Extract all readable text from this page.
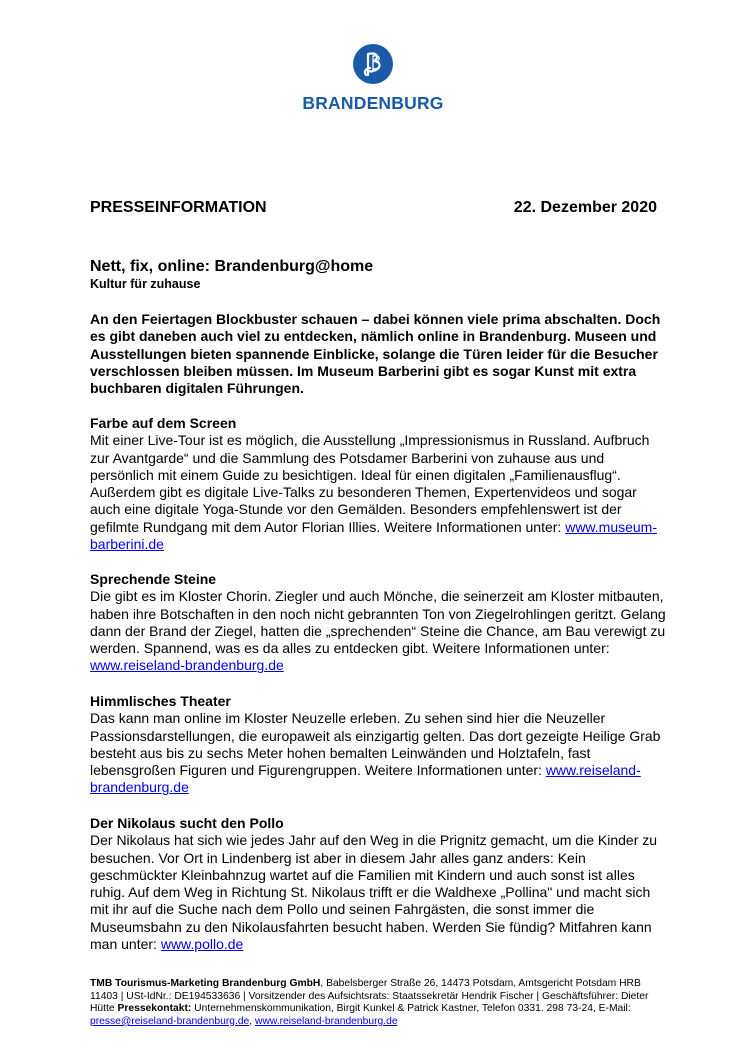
BRANDENBURG
PRESSEINFORMATION	22. Dezember 2020
Nett, fix, online: Brandenburg@home
Kultur für zuhause
An den Feiertagen Blockbuster schauen – dabei können viele prima abschalten. Doch es gibt daneben auch viel zu entdecken, nämlich online in Brandenburg. Museen und Ausstellungen bieten spannende Einblicke, solange die Türen leider für die Besucher verschlossen bleiben müssen. Im Museum Barberini gibt es sogar Kunst mit extra buchbaren digitalen Führungen.
Farbe auf dem Screen

Mit einer Live-Tour ist es möglich, die Ausstellung „Impressionismus in Russland. Aufbruch zur Avantgarde“ und die Sammlung des Potsdamer Barberini von zuhause aus und persönlich mit einem Guide zu besichtigen. Ideal für einen digitalen „Familienausflug“. Außerdem gibt es digitale Live-Talks zu besonderen Themen, Expertenvideos und sogar auch eine digitale Yoga-Stunde vor den Gemälden. Besonders empfehlenswert ist der gefilmte Rundgang mit dem Autor Florian Illies. Weitere Informationen unter: www.museum-barberini.de

Sprechende Steine

Die gibt es im Kloster Chorin. Ziegler und auch Mönche, die seinerzeit am Kloster mitbauten, haben ihre Botschaften in den noch nicht gebrannten Ton von Ziegelrohlingen geritzt. Gelang dann der Brand der Ziegel, hatten die „sprechenden“ Steine die Chance, am Bau verewigt zu werden. Spannend, was es da alles zu entdecken gibt. Weitere Informationen unter: www.reiseland-brandenburg.de

Himmlisches Theater

Das kann man online im Kloster Neuzelle erleben. Zu sehen sind hier die Neuzeller Passionsdarstellungen, die europaweit als einzigartig gelten. Das dort gezeigte Heilige Grab besteht aus bis zu sechs Meter hohen bemalten Leinwänden und Holztafeln, fast lebensgroßen Figuren und Figurengruppen. Weitere Informationen unter: www.reiseland-brandenburg.de

Der Nikolaus sucht den Pollo

Der Nikolaus hat sich wie jedes Jahr auf den Weg in die Prignitz gemacht, um die Kinder zu besuchen. Vor Ort in Lindenberg ist aber in diesem Jahr alles ganz anders: Kein geschmückter Kleinbahnzug wartet auf die Familien mit Kindern und auch sonst ist alles ruhig. Auf dem Weg in Richtung St. Nikolaus trifft er die Waldhexe „Pollina" und macht sich mit ihr auf die Suche nach dem Pollo und seinen Fahrgästen, die sonst immer die Museumsbahn zu den Nikolausfahrten besucht haben. Werden Sie fündig? Mitfahren kann man unter: www.pollo.de

TMB Tourismus-Marketing Brandenburg GmbH, Babelsberger Straße 26, 14473 Potsdam, Amtsgericht Potsdam HRB 11403 | USt-IdNr.: DE194533636 | Vorsitzender des Aufsichtsrats: Staatssekretär Hendrik Fischer | Geschäftsführer: Dieter Hütte Pressekontakt: Unternehmenskommunikation, Birgit Kunkel & Patrick Kastner, Telefon 0331. 298 73-24, E-Mail: presse@reiseland-brandenburg.de, www.reiseland-brandenburg.de
